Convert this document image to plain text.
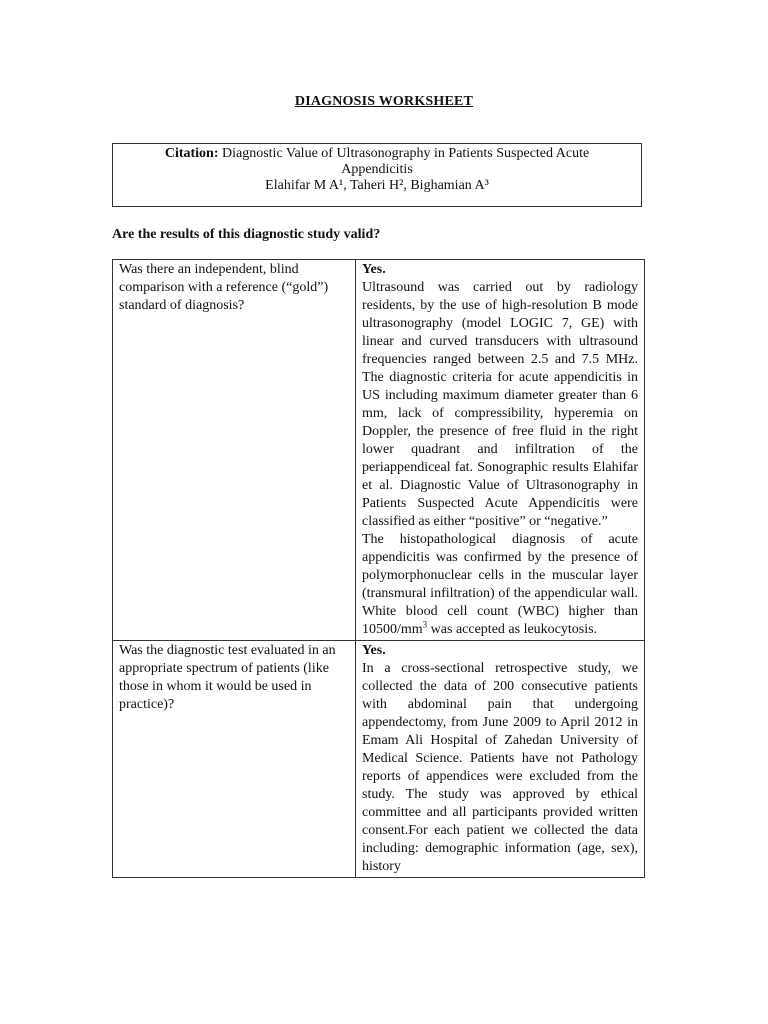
DIAGNOSIS WORKSHEET
Citation: Diagnostic Value of Ultrasonography in Patients Suspected Acute
Appendicitis
Elahifar M A¹, Taheri H², Bighamian A³
Are the results of this diagnostic study valid?
Was there an independent, blind comparison with a reference (“gold”) standard of diagnosis?	Yes.
Ultrasound was carried out by radiology residents, by the use of high-resolution B mode ultrasonography (model LOGIC 7, GE) with linear and curved transducers with ultrasound frequencies ranged between 2.5 and 7.5 MHz. The diagnostic criteria for acute appendicitis in US including maximum diameter greater than 6 mm, lack of compressibility, hyperemia on Doppler, the presence of free fluid in the right lower quadrant and infiltration of the periappendiceal fat. Sonographic results Elahifar et al. Diagnostic Value of Ultrasonography in Patients Suspected Acute Appendicitis were classified as either “positive” or “negative.”
The histopathological diagnosis of acute appendicitis was confirmed by the presence of polymorphonuclear cells in the muscular layer (transmural infiltration) of the appendicular wall. White blood cell count (WBC) higher than $10500/mm^3$ was accepted as leukocytosis.

Was the diagnostic test evaluated in an appropriate spectrum of patients (like those in whom it would be used in practice)?	Yes.
In a cross-sectional retrospective study, we collected the data of 200 consecutive patients with abdominal pain that undergoing appendectomy, from June 2009 to April 2012 in Emam Ali Hospital of Zahedan University of Medical Science. Patients have not Pathology reports of appendices were excluded from the study. The study was approved by ethical committee and all participants provided written consent.For each patient we collected the data including: demographic information (age, sex), history
